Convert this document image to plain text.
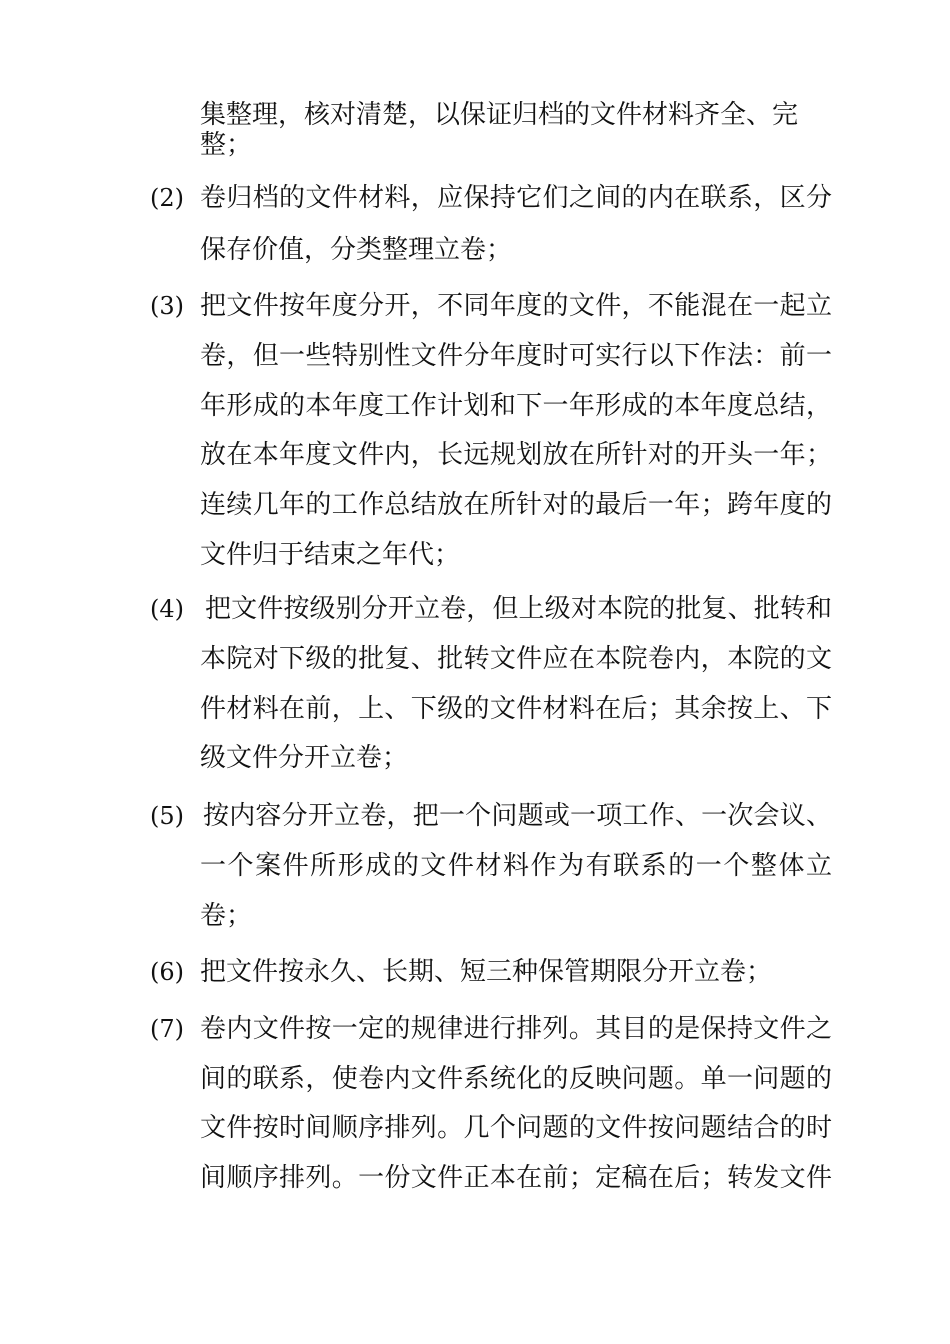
集整理，核对清楚，以保证归档的文件材料齐全、完
整；
(2) 卷归档的文件材料，应保持它们之间的内在联系，区分
保存价值，分类整理立卷；
(3) 把文件按年度分开，不同年度的文件，不能混在一起立
卷，但一些特别性文件分年度时可实行以下作法：前一
年形成的本年度工作计划和下一年形成的本年度总结，
放在本年度文件内，长远规划放在所针对的开头一年；
连续几年的工作总结放在所针对的最后一年；跨年度的
文件归于结束之年代；
(4) 把文件按级别分开立卷，但上级对本院的批复、批转和
本院对下级的批复、批转文件应在本院卷内，本院的文
件材料在前，上、下级的文件材料在后；其余按上、下
级文件分开立卷；
(5) 按内容分开立卷，把一个问题或一项工作、一次会议、
一个案件所形成的文件材料作为有联系的一个整体立
卷；
(6) 把文件按永久、长期、短三种保管期限分开立卷；
(7) 卷内文件按一定的规律进行排列。其目的是保持文件之
间的联系，使卷内文件系统化的反映问题。单一问题的
文件按时间顺序排列。几个问题的文件按问题结合的时
间顺序排列。一份文件正本在前；定稿在后；转发文件
